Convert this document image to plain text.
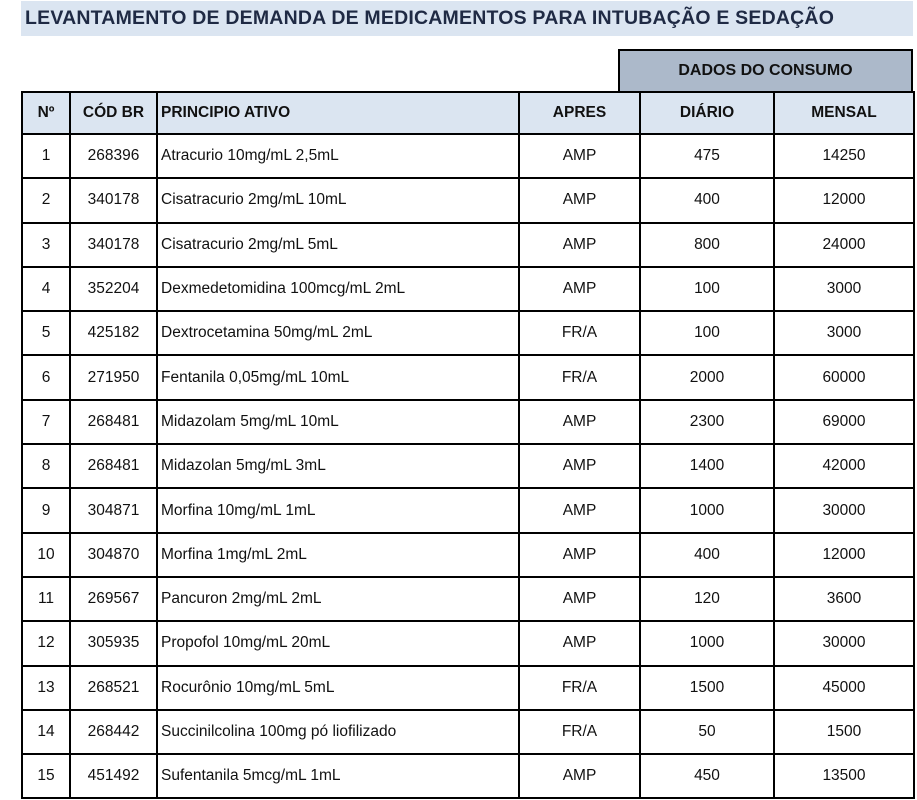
LEVANTAMENTO DE DEMANDA DE MEDICAMENTOS PARA INTUBAÇÃO E SEDAÇÃO
DADOS DO CONSUMO
Nº	CÓD BR	PRINCIPIO ATIVO	APRES	DIÁRIO	MENSAL
1	268396	Atracurio 10mg/mL 2,5mL	AMP	475	14250
2	340178	Cisatracurio 2mg/mL 10mL	AMP	400	12000
3	340178	Cisatracurio 2mg/mL 5mL	AMP	800	24000
4	352204	Dexmedetomidina 100mcg/mL 2mL	AMP	100	3000
5	425182	Dextrocetamina 50mg/mL 2mL	FR/A	100	3000
6	271950	Fentanila 0,05mg/mL 10mL	FR/A	2000	60000
7	268481	Midazolam 5mg/mL 10mL	AMP	2300	69000
8	268481	Midazolan 5mg/mL 3mL	AMP	1400	42000
9	304871	Morfina 10mg/mL 1mL	AMP	1000	30000
10	304870	Morfina 1mg/mL 2mL	AMP	400	12000
11	269567	Pancuron 2mg/mL 2mL	AMP	120	3600
12	305935	Propofol 10mg/mL 20mL	AMP	1000	30000
13	268521	Rocurônio 10mg/mL 5mL	FR/A	1500	45000
14	268442	Succinilcolina 100mg pó liofilizado	FR/A	50	1500
15	451492	Sufentanila 5mcg/mL 1mL	AMP	450	13500
